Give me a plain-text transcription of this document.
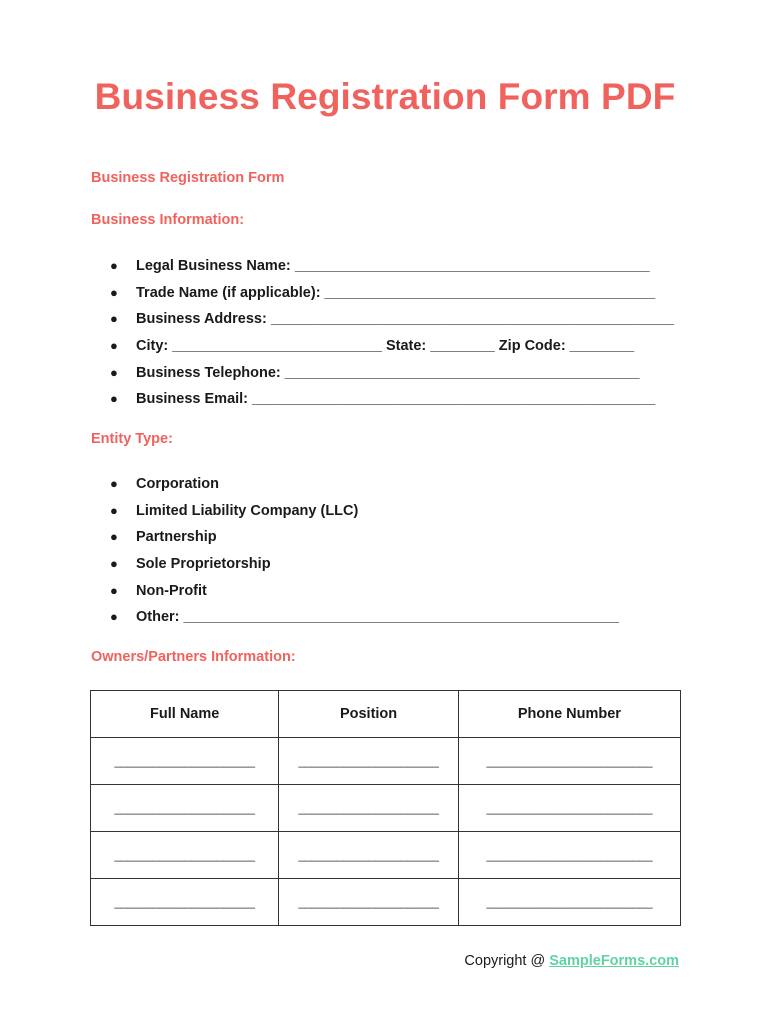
Business Registration Form PDF
Business Registration Form
Business Information:
● Legal Business Name: ____________________________________________
● Trade Name (if applicable): _________________________________________
● Business Address: __________________________________________________
● City: __________________________ State: ________ Zip Code: ________
● Business Telephone: ____________________________________________
● Business Email: __________________________________________________
Entity Type:
● Corporation
● Limited Liability Company (LLC)
● Partnership
● Sole Proprietorship
● Non-Profit
● Other: ______________________________________________________
Owners/Partners Information:
Full Name	Position	Phone Number
______________________	______________________	__________________________
______________________	______________________	__________________________
______________________	______________________	__________________________
______________________	______________________	__________________________
Copyright @ SampleForms.com
